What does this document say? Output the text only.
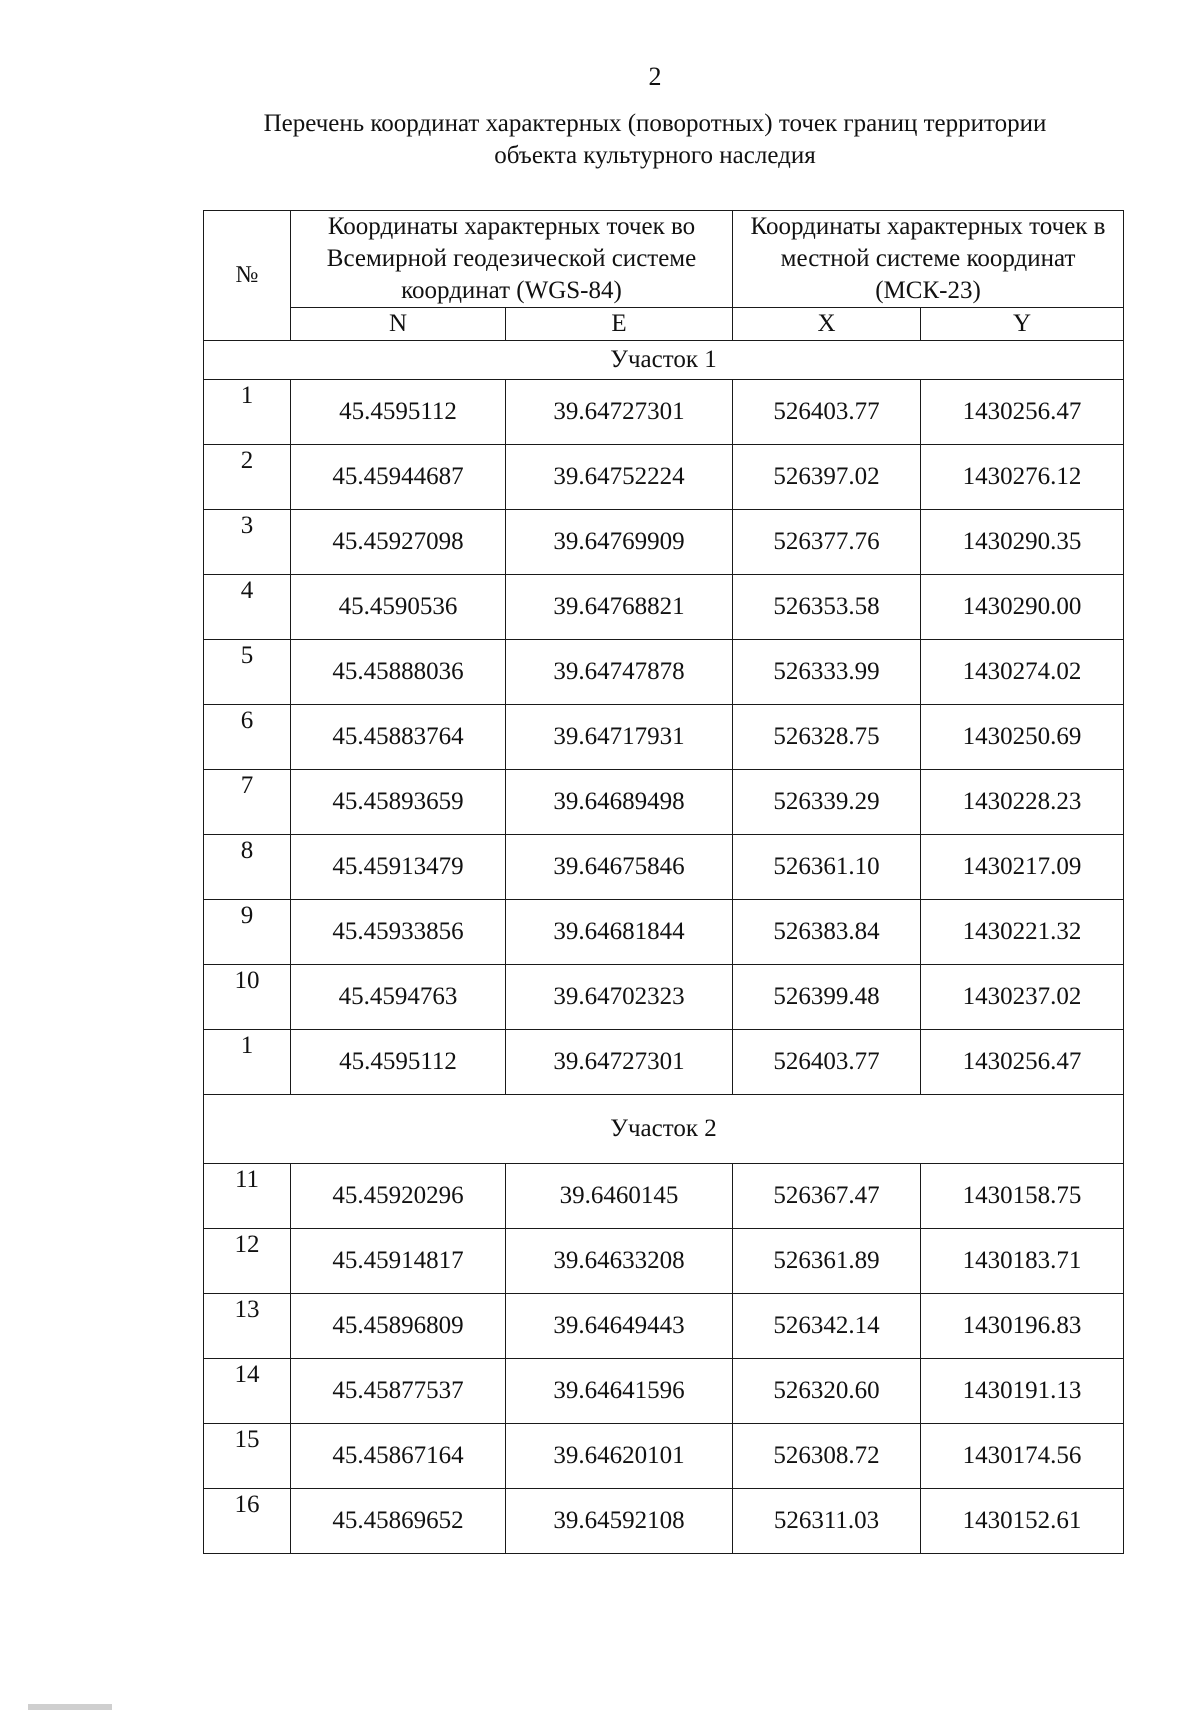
2
Перечень координат характерных (поворотных) точек границ территории
объекта культурного наследия
№	Координаты характерных точек во Всемирной геодезической системе координат (WGS-84)		Координаты характерных точек в местной системе координат (МСК-23)	
	N	E	X	Y
Участок 1				
1	45.4595112	39.64727301	526403.77	1430256.47
2	45.45944687	39.64752224	526397.02	1430276.12
3	45.45927098	39.64769909	526377.76	1430290.35
4	45.4590536	39.64768821	526353.58	1430290.00
5	45.45888036	39.64747878	526333.99	1430274.02
6	45.45883764	39.64717931	526328.75	1430250.69
7	45.45893659	39.64689498	526339.29	1430228.23
8	45.45913479	39.64675846	526361.10	1430217.09
9	45.45933856	39.64681844	526383.84	1430221.32
10	45.4594763	39.64702323	526399.48	1430237.02
1	45.4595112	39.64727301	526403.77	1430256.47
Участок 2				
11	45.45920296	39.6460145	526367.47	1430158.75
12	45.45914817	39.64633208	526361.89	1430183.71
13	45.45896809	39.64649443	526342.14	1430196.83
14	45.45877537	39.64641596	526320.60	1430191.13
15	45.45867164	39.64620101	526308.72	1430174.56
16	45.45869652	39.64592108	526311.03	1430152.61
